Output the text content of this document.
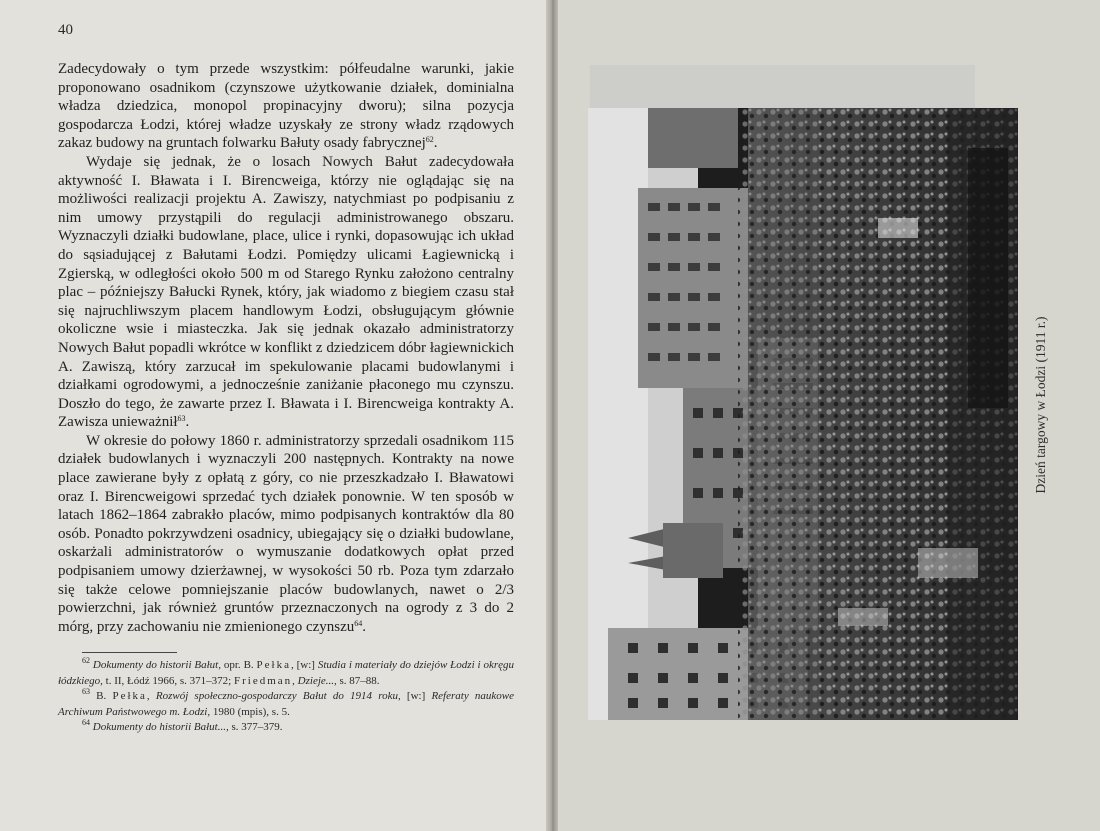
40

Zadecydowały o tym przede wszystkim: półfeudalne warunki, jakie proponowano osadnikom (czynszowe użytkowanie działek, dominialna władza dziedzica, monopol propinacyjny dworu); silna pozycja gospodarcza Łodzi, której władze uzyskały ze strony władz rządowych zakaz budowy na gruntach folwarku Bałuty osady fabrycznej$^{62}$.

Wydaje się jednak, że o losach Nowych Bałut zadecydowała aktywność I. Bławata i I. Birencweiga, którzy nie oglądając się na możliwości realizacji projektu A. Zawiszy, natychmiast po podpisaniu z nim umowy przystąpili do regulacji administrowanego obszaru. Wyznaczyli działki budowlane, place, ulice i rynki, dopasowując ich układ do sąsiadującej z Bałutami Łodzi. Pomiędzy ulicami Łagiewnicką i Zgierską, w odległości około 500 m od Starego Rynku założono centralny plac – późniejszy Bałucki Rynek, który, jak wiadomo z biegiem czasu stał się najruchliwszym placem handlowym Łodzi, obsługującym głównie okoliczne wsie i miasteczka. Jak się jednak okazało administratorzy Nowych Bałut popadli wkrótce w konflikt z dziedzicem dóbr łagiewnickich A. Zawiszą, który zarzucał im spekulowanie placami budowlanymi i działkami ogrodowymi, a jednocześnie zaniżanie płaconego mu czynszu. Doszło do tego, że zawarte przez I. Bławata i I. Birencweiga kontrakty A. Zawisza unieważnił$^{63}$.

W okresie do połowy 1860 r. administratorzy sprzedali osadnikom 115 działek budowlanych i wyznaczyli 200 następnych. Kontrakty na nowe place zawierane były z opłatą z góry, co nie przeszkadzało I. Bławatowi oraz I. Birencweigowi sprzedać tych działek ponownie. W ten sposób w latach 1862–1864 zabrakło placów, mimo podpisanych kontraktów dla 80 osób. Ponadto pokrzywdzeni osadnicy, ubiegający się o działki budowlane, oskarżali administratorów o wymuszanie dodatkowych opłat przed podpisaniem umowy dzierżawnej, w wysokości 50 rb. Poza tym zdarzało się także celowe pomniejszanie placów budowlanych, nawet o 2/3 powierzchni, jak również gruntów przeznaczonych na ogrody z 3 do 2 mórg, przy zachowaniu nie zmienionego czynszu$^{64}$.

$^{62}$ Dokumenty do historii Bałut, opr. B. Pełka, [w:] Studia i materiały do dziejów Łodzi i okręgu łódzkiego, t. II, Łódź 1966, s. 371–372; Friedman, Dzieje..., s. 87–88.

$^{63}$ B. Pełka, Rozwój społeczno-gospodarczy Bałut do 1914 roku, [w:] Referaty naukowe Archiwum Państwowego m. Łodzi, 1980 (mpis), s. 5.

$^{64}$ Dokumenty do historii Bałut..., s. 377–379.

Dzień targowy w Łodzi (1911 r.)
